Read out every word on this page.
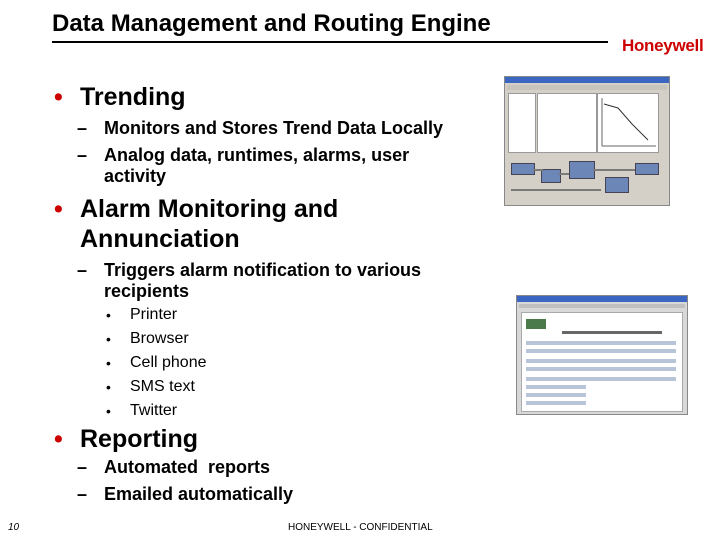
Data Management and Routing Engine
Honeywell
• Trending
– Monitors and Stores Trend Data Locally
– Analog data, runtimes, alarms, user activity
• Alarm Monitoring and Annunciation
– Triggers alarm notification to various recipients
• Printer
• Browser
• Cell phone
• SMS text
• Twitter
• Reporting
– Automated  reports
– Emailed automatically
10	HONEYWELL - CONFIDENTIAL
